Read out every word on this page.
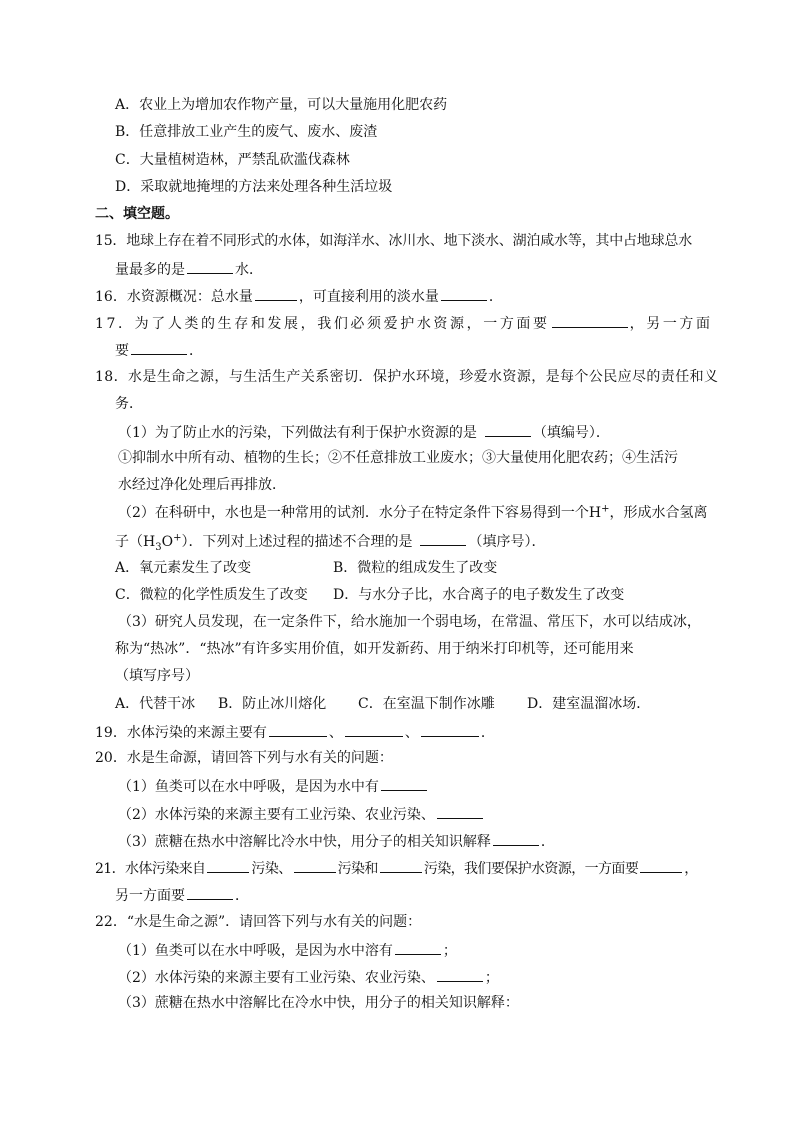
A．农业上为增加农作物产量，可以大量施用化肥农药
B．任意排放工业产生的废气、废水、废渣
C．大量植树造林，严禁乱砍滥伐森林
D．采取就地掩埋的方法来处理各种生活垃圾
二、填空题。
15．地球上存在着不同形式的水体，如海洋水、冰川水、地下淡水、湖泊咸水等，其中占地球总水
量最多的是	水．
16．水资源概况：总水量	，可直接利用的淡水量	．
17．为了人类的生存和发展，我们必须爱护水资源，一方面要	，另一方面
要	．
18．水是生命之源，与生活生产关系密切．保护水环境，珍爱水资源，是每个公民应尽的责任和义
务．
（1）为了防止水的污染，下列做法有利于保护水资源的是	（填编号）．
①抑制水中所有动、植物的生长；②不任意排放工业废水；③大量使用化肥农药；④生活污
水经过净化处理后再排放．
（2）在科研中，水也是一种常用的试剂．水分子在特定条件下容易得到一个H+，形成水合氢离
子$(H_3O^+)$．下列对上述过程的描述不合理的是	（填序号）．
A．氧元素发生了改变	B．微粒的组成发生了改变
C．微粒的化学性质发生了改变 D．与水分子比，水合离子的电子数发生了改变
（3）研究人员发现，在一定条件下，给水施加一个弱电场，在常温、常压下，水可以结成冰，
称为“热冰”．“热冰”有许多实用价值，如开发新药、用于纳米打印机等，还可能用来
（填写序号）
A．代替干冰 B．防止冰川熔化 C．在室温下制作冰雕 D．建室温溜冰场．
19．水体污染的来源主要有	、	、	．
20．水是生命源，请回答下列与水有关的问题：
（1）鱼类可以在水中呼吸，是因为水中有
（2）水体污染的来源主要有工业污染、农业污染、
（3）蔗糖在热水中溶解比冷水中快，用分子的相关知识解释	．
21．水体污染来自	污染、	污染和	污染，我们要保护水资源，一方面要	，
另一方面要	．
22．“水是生命之源”．请回答下列与水有关的问题：
（1）鱼类可以在水中呼吸，是因为水中溶有	；
（2）水体污染的来源主要有工业污染、农业污染、	；
（3）蔗糖在热水中溶解比在冷水中快，用分子的相关知识解释：
